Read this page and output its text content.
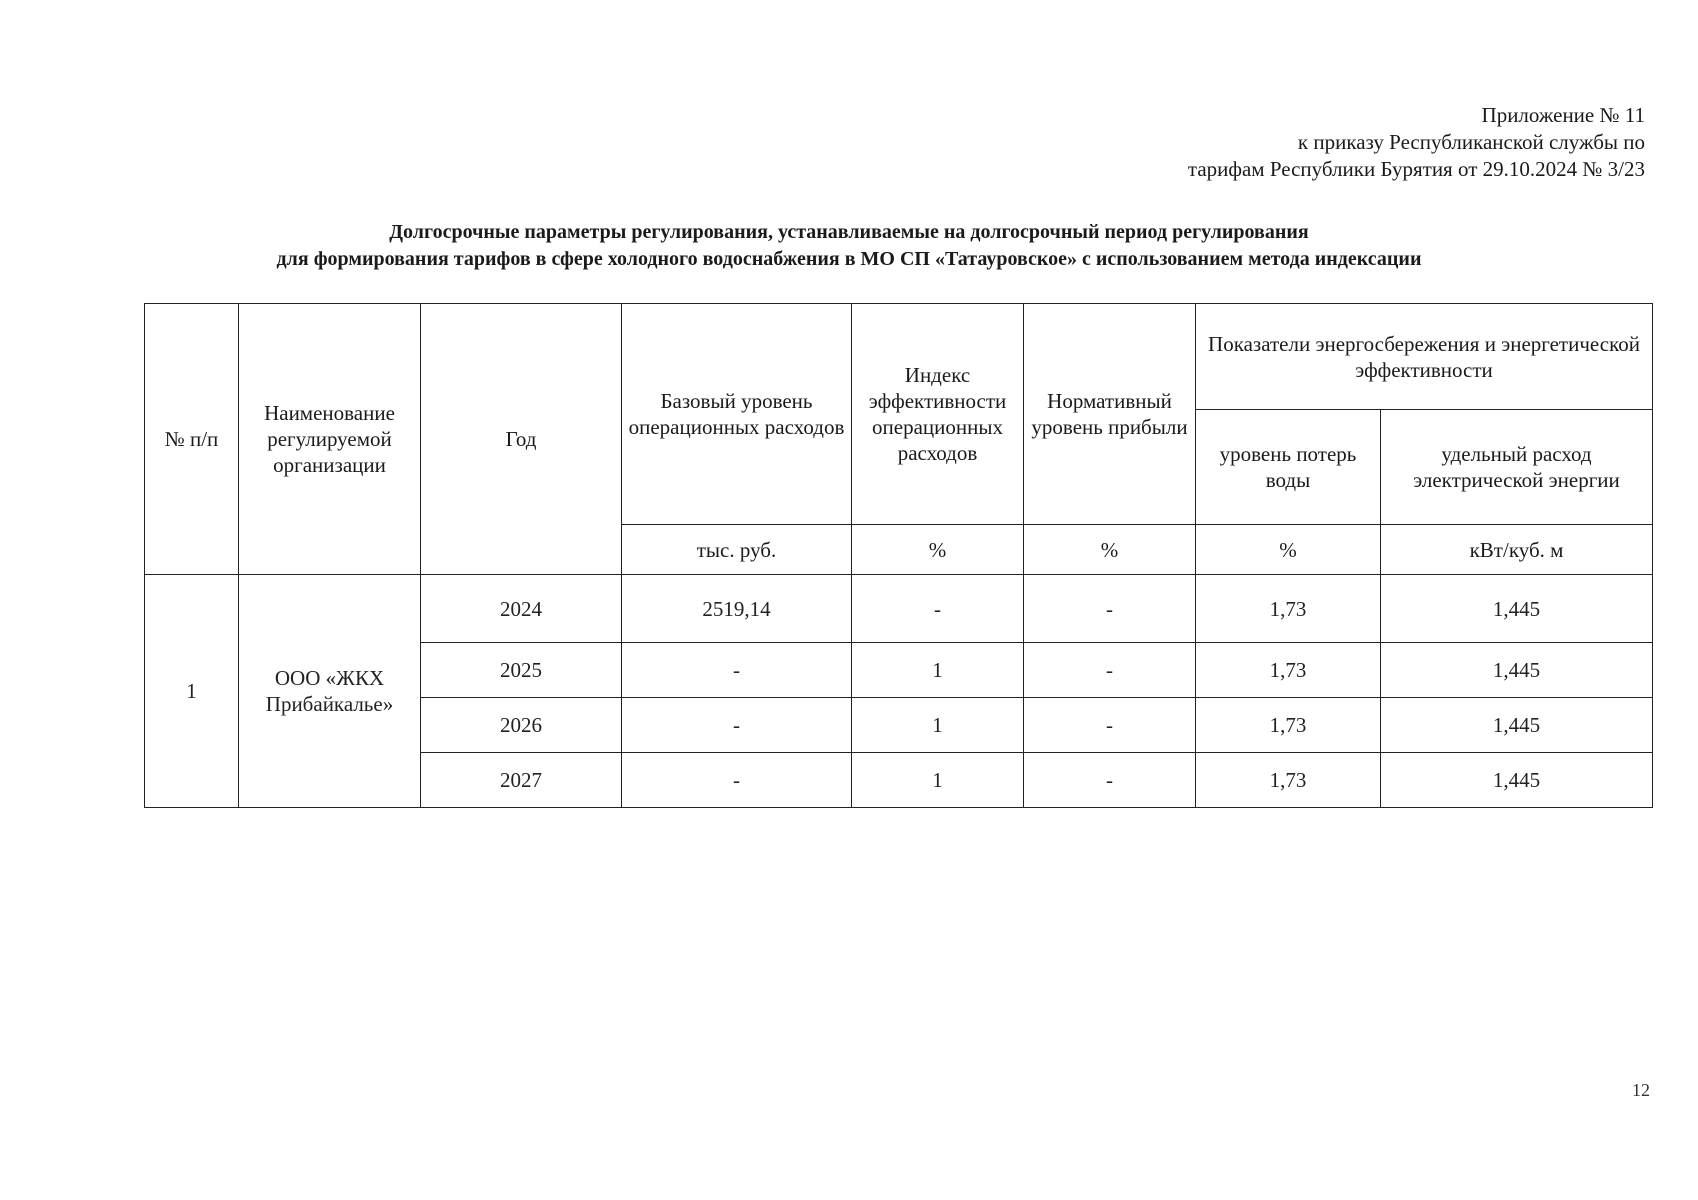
Приложение № 11
к приказу Республиканской службы по
тарифам Республики Бурятия от 29.10.2024 № 3/23
Долгосрочные параметры регулирования, устанавливаемые на долгосрочный период регулирования
для формирования тарифов в сфере холодного водоснабжения в МО СП «Татауровское» с использованием метода индексации
№ п/п	Наименование регулируемой организации	Год	Базовый уровень операционных расходов	Индекс эффективности операционных расходов	Нормативный уровень прибыли	Показатели энергосбережения и энергетической эффективности	
						уровень потерь воды	удельный расход электрической энергии
			тыс. руб.	%	%	%	кВт/куб. м
1	ООО «ЖКХ Прибайкалье»	2024	2519,14	-	-	1,73	1,445
		2025	-	1	-	1,73	1,445
		2026	-	1	-	1,73	1,445
		2027	-	1	-	1,73	1,445
12
